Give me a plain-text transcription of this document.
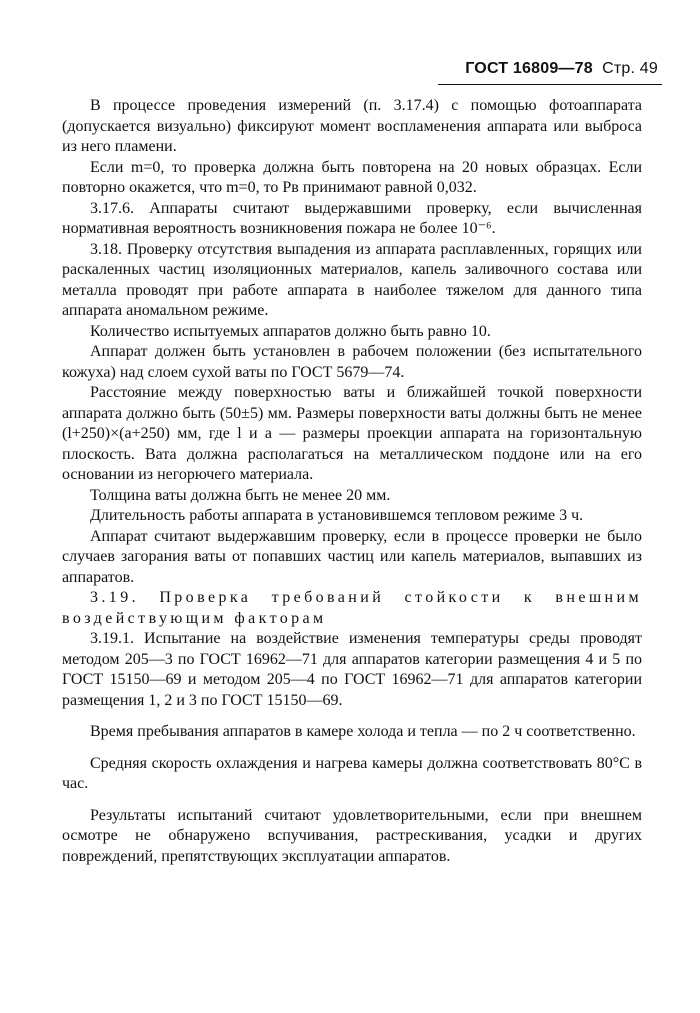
ГОСТ 16809—78 Стр. 49

В процессе проведения измерений (п. 3.17.4) с помощью фотоаппарата (допускается визуально) фиксируют момент воспламенения аппарата или выброса из него пламени.

Если m=0, то проверка должна быть повторена на 20 новых образцах. Если повторно окажется, что m=0, то Pв принимают равной 0,032.

3.17.6. Аппараты считают выдержавшими проверку, если вычисленная нормативная вероятность возникновения пожара не более 10⁻⁶.

3.18. Проверку отсутствия выпадения из аппарата расплавленных, горящих или раскаленных частиц изоляционных материалов, капель заливочного состава или металла проводят при работе аппарата в наиболее тяжелом для данного типа аппарата аномальном режиме.

Количество испытуемых аппаратов должно быть равно 10.

Аппарат должен быть установлен в рабочем положении (без испытательного кожуха) над слоем сухой ваты по ГОСТ 5679—74.

Расстояние между поверхностью ваты и ближайшей точкой поверхности аппарата должно быть (50±5) мм. Размеры поверхности ваты должны быть не менее (l+250)×(a+250) мм, где l и a — размеры проекции аппарата на горизонтальную плоскость. Вата должна располагаться на металлическом поддоне или на его основании из негорючего материала.

Толщина ваты должна быть не менее 20 мм.

Длительность работы аппарата в установившемся тепловом режиме 3 ч.

Аппарат считают выдержавшим проверку, если в процессе проверки не было случаев загорания ваты от попавших частиц или капель материалов, выпавших из аппаратов.

3.19. Проверка требований стойкости к внешним воздействующим факторам

3.19.1. Испытание на воздействие изменения температуры среды проводят методом 205—3 по ГОСТ 16962—71 для аппаратов категории размещения 4 и 5 по ГОСТ 15150—69 и методом 205—4 по ГОСТ 16962—71 для аппаратов категории размещения 1, 2 и 3 по ГОСТ 15150—69.

Время пребывания аппаратов в камере холода и тепла — по 2 ч соответственно.

Средняя скорость охлаждения и нагрева камеры должна соответствовать 80°С в час.

Результаты испытаний считают удовлетворительными, если при внешнем осмотре не обнаружено вспучивания, растрескивания, усадки и других повреждений, препятствующих эксплуатации аппаратов.
